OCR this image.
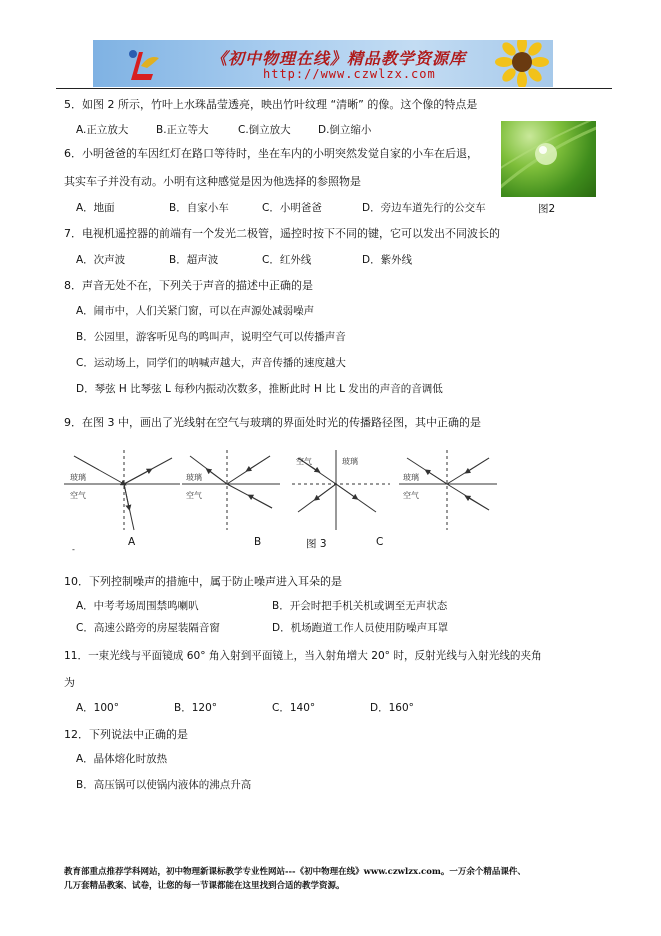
《初中物理在线》精品教学资源库
http://www.czwlzx.com
5．如图 2 所示，竹叶上水珠晶莹透亮，映出竹叶纹理 “清晰” 的像。这个像的特点是
A.正立放大	B.正立等大	C.倒立放大	D.倒立缩小
6．小明爸爸的车因红灯在路口等待时，坐在车内的小明突然发觉自家的小车在后退，
其实车子并没有动。小明有这种感觉是因为他选择的参照物是
A．地面	B．自家小车	C．小明爸爸	D．旁边车道先行的公交车	图2
7．电视机遥控器的前端有一个发光二极管，遥控时按下不同的键，它可以发出不同波长的
A．次声波	B．超声波	C．红外线	D．紫外线
8．声音无处不在，下列关于声音的描述中正确的是
A．闹市中，人们关紧门窗，可以在声源处减弱噪声
B．公园里，游客听见鸟的鸣叫声，说明空气可以传播声音
C．运动场上，同学们的呐喊声越大，声音传播的速度越大
D．琴弦 H 比琴弦 L 每秒内振动次数多，推断此时 H 比 L 发出的声音的音调低
9．在图 3 中，画出了光线射在空气与玻璃的界面处时光的传播路径图，其中正确的是
玻璃
空气
玻璃
空气
空气	玻璃
玻璃
空气
A	B	图 3	C
-
10．下列控制噪声的措施中，属于防止噪声进入耳朵的是
A．中考考场周围禁鸣喇叭	B．开会时把手机关机或调至无声状态
C．高速公路旁的房屋装隔音窗	D．机场跑道工作人员使用防噪声耳罩
11．一束光线与平面镜成 60° 角入射到平面镜上，当入射角增大 20° 时，反射光线与入射光线的夹角
为
A．100°	B．120°	C．140°	D．160°
12．下列说法中正确的是
A．晶体熔化时放热
B．高压锅可以使锅内液体的沸点升高
教育部重点推荐学科网站，初中物理新课标教学专业性网站---《初中物理在线》www.czwlzx.com。一万余个精品课件、
几万套精品教案、试卷，让您的每一节课都能在这里找到合适的教学资源。
